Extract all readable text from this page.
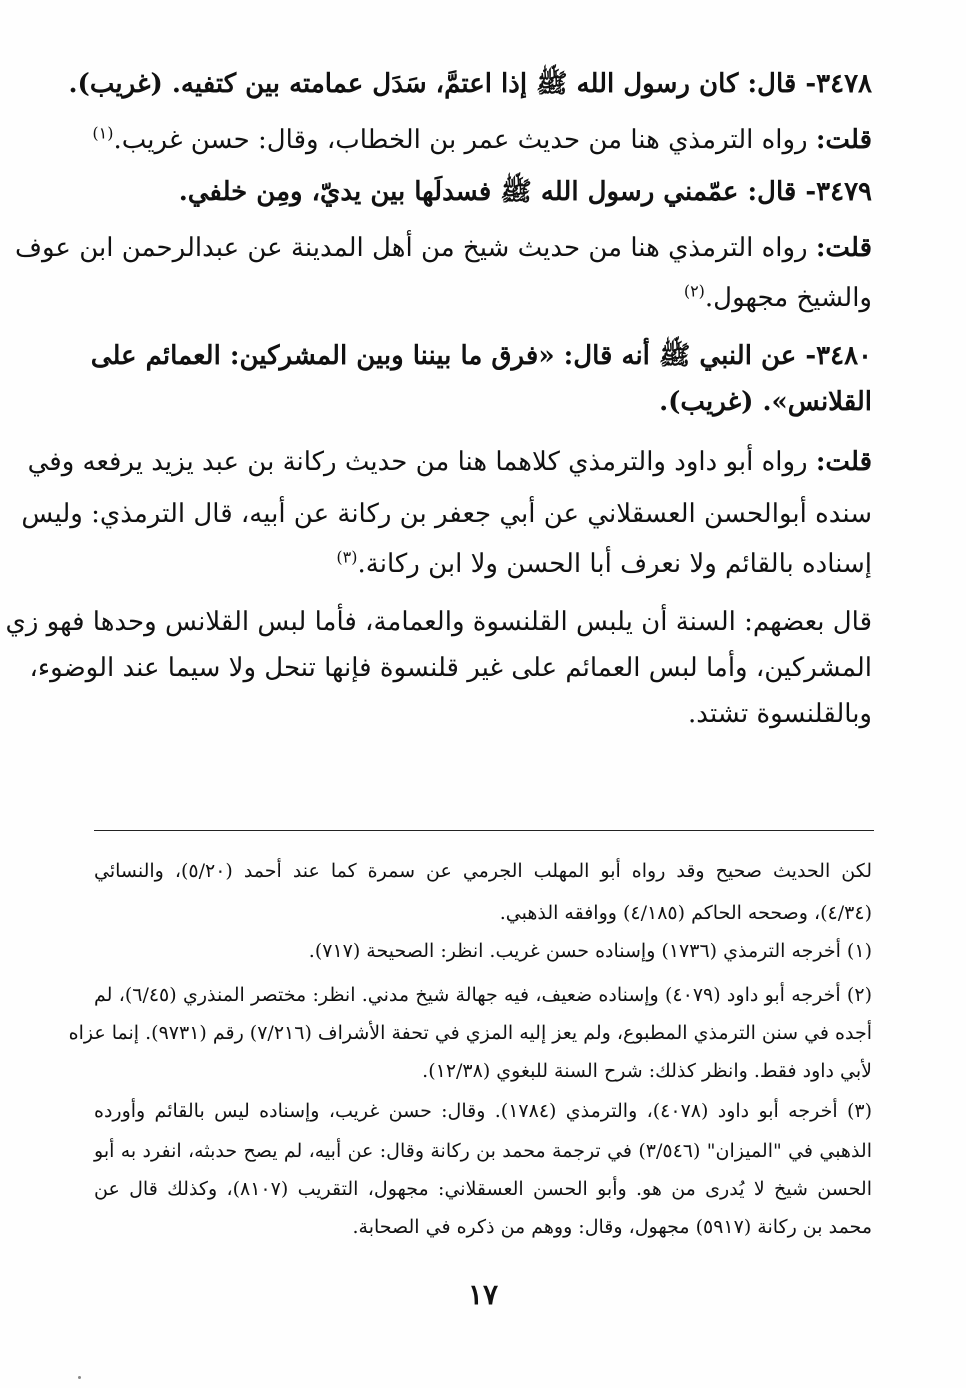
٣٤٧٨- قال: كان رسول الله ﷺ إذا اعتمَّ، سَدَل عمامته بين كتفيه. (غريب).
قلت: رواه الترمذي هنا من حديث عمر بن الخطاب، وقال: حسن غريب.$^{(١)}$
٣٤٧٩- قال: عمّمني رسول الله ﷺ فسدلَها بين يديّ، ومِن خلفي.
قلت: رواه الترمذي هنا من حديث شيخ من أهل المدينة عن عبدالرحمن ابن عوف
والشيخ مجهول.$^{(٢)}$
٣٤٨٠- عن النبي ﷺ أنه قال: «فرق ما بيننا وبين المشركين: العمائم على
القلانس». (غريب).
قلت: رواه أبو داود والترمذي كلاهما هنا من حديث ركانة بن عبد يزيد يرفعه وفي
سنده أبوالحسن العسقلاني عن أبي جعفر بن ركانة عن أبيه، قال الترمذي: وليس
إسناده بالقائم ولا نعرف أبا الحسن ولا ابن ركانة.$^{(٣)}$
قال بعضهم: السنة أن يلبس القلنسوة والعمامة، فأما لبس القلانس وحدها فهو زي
المشركين، وأما لبس العمائم على غير قلنسوة فإنها تنحل ولا سيما عند الوضوء،
وبالقلنسوة تشتد.
لكن الحديث صحيح وقد رواه أبو المهلب الجرمي عن سمرة كما عند أحمد (٥/٢٠)، والنسائي
(٤/٣٤)، وصححه الحاكم (٤/١٨٥) ووافقه الذهبي.
(١) أخرجه الترمذي (١٧٣٦) وإسناده حسن غريب. انظر: الصحيحة (٧١٧).
(٢) أخرجه أبو داود (٤٠٧٩) وإسناده ضعيف، فيه جهالة شيخ مدني. انظر: مختصر المنذري (٦/٤٥)، لم
أجده في سنن الترمذي المطبوع، ولم يعز إليه المزي في تحفة الأشراف (٧/٢١٦) رقم (٩٧٣١). إنما عزاه
لأبي داود فقط. وانظر كذلك: شرح السنة للبغوي (١٢/٣٨).
(٣) أخرجه أبو داود (٤٠٧٨)، والترمذي (١٧٨٤). وقال: حسن غريب، وإسناده ليس بالقائم وأورده
الذهبي في "الميزان" (٣/٥٤٦) في ترجمة محمد بن ركانة وقال: عن أبيه، لم يصح حدبثه، انفرد به أبو
الحسن شيخ لا يُدرى من هو. وأبو الحسن العسقلاني: مجهول، التقريب (٨١٠٧)، وكذلك قال عن
محمد بن ركانة (٥٩١٧) مجهول، وقال: ووهم من ذكره في الصحابة.
١٧
